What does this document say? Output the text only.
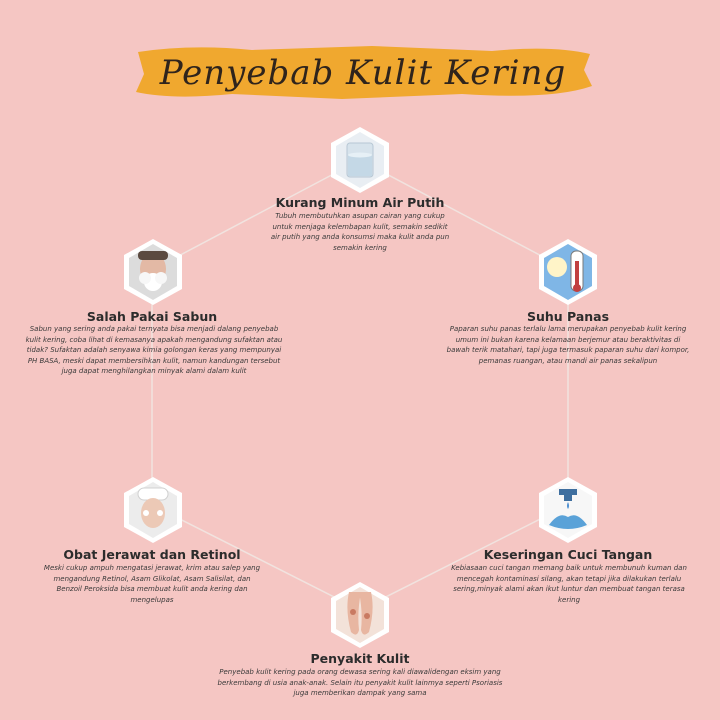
Penyebab Kulit Kering
Kurang Minum Air Putih
Tubuh membutuhkan asupan cairan yang cukup untuk menjaga kelembapan kulit, semakin sedikit air putih yang anda konsumsi maka kulit anda pun semakin kering
Salah Pakai Sabun
Sabun yang sering anda pakai ternyata bisa menjadi dalang penyebab kulit kering, coba lihat di kemasanya apakah mengandung sufaktan atau tidak? Sufaktan adalah senyawa kimia golongan keras yang mempunyai PH BASA, meski dapat membersihkan kulit, namun kandungan tersebut juga dapat menghilangkan minyak alami dalam kulit
Suhu Panas
Paparan suhu panas terlalu lama merupakan penyebab kulit kering umum ini bukan karena kelamaan berjemur atau beraktivitas di bawah terik matahari, tapi juga termasuk paparan suhu dari kompor, pemanas ruangan, atau mandi air panas sekalipun
Obat Jerawat dan Retinol
Meski cukup ampuh mengatasi jerawat, krim atau salep yang mengandung Retinol, Asam Glikolat, Asam Salisilat, dan Benzoil Peroksida bisa membuat kulit anda kering dan mengelupas
Keseringan Cuci Tangan
Kebiasaan cuci tangan memang baik untuk membunuh kuman dan mencegah kontaminasi silang, akan tetapi jika dilakukan terlalu sering,minyak alami akan ikut luntur dan membuat tangan terasa kering
Penyakit Kulit
Penyebab kulit kering pada orang dewasa sering kali diawalidengan eksim yang berkembang di usia anak-anak. Selain itu penyakit kulit lainmya seperti Psoriasis juga memberikan dampak yang sama
